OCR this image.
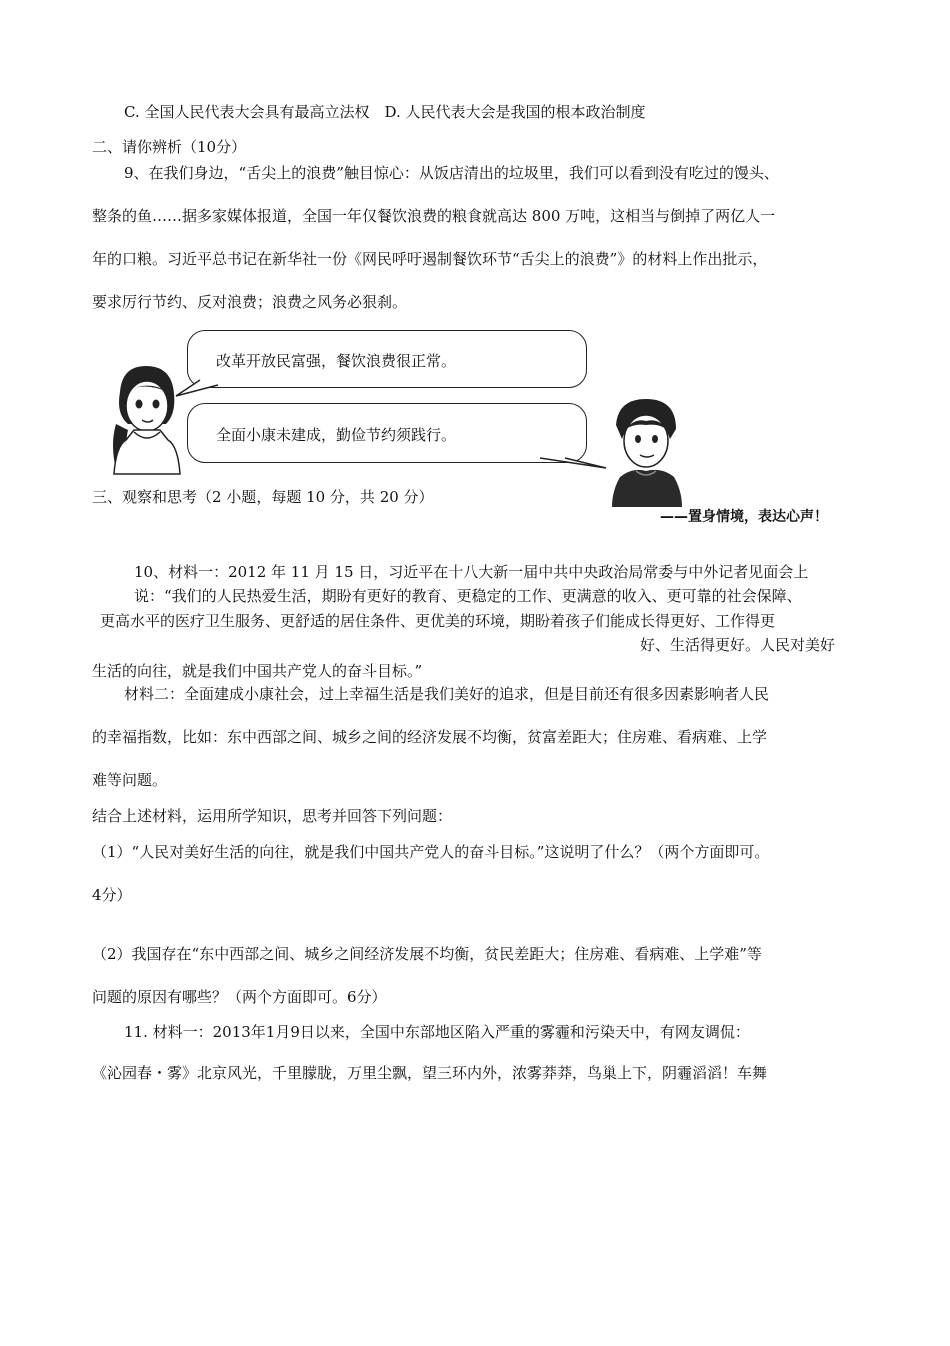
C. 全国人民代表大会具有最高立法权　D. 人民代表大会是我国的根本政治制度
二、请你辨析（10分）
9、在我们身边，“舌尖上的浪费”触目惊心：从饭店清出的垃圾里，我们可以看到没有吃过的馒头、
整条的鱼……据多家媒体报道，全国一年仅餐饮浪费的粮食就高达 800 万吨，这相当与倒掉了两亿人一
年的口粮。习近平总书记在新华社一份《网民呼吁遏制餐饮环节“舌尖上的浪费”》的材料上作出批示，
要求厉行节约、反对浪费；浪费之风务必狠刹。
改革开放民富强，餐饮浪费很正常。
全面小康未建成，勤俭节约须践行。
三、观察和思考（2 小题，每题 10 分，共 20 分）
——置身情境，表达心声！
10、材料一：2012 年 11 月 15 日，习近平在十八大新一届中共中央政治局常委与中外记者见面会上
说：“我们的人民热爱生活，期盼有更好的教育、更稳定的工作、更满意的收入、更可靠的社会保障、
更高水平的医疗卫生服务、更舒适的居住条件、更优美的环境，期盼着孩子们能成长得更好、工作得更
好、生活得更好。人民对美好
生活的向往，就是我们中国共产党人的奋斗目标。”
材料二：全面建成小康社会，过上幸福生活是我们美好的追求，但是目前还有很多因素影响者人民
的幸福指数，比如：东中西部之间、城乡之间的经济发展不均衡，贫富差距大；住房难、看病难、上学
难等问题。
结合上述材料，运用所学知识，思考并回答下列问题：
（1）“人民对美好生活的向往，就是我们中国共产党人的奋斗目标。”这说明了什么？（两个方面即可。
4分）
（2）我国存在“东中西部之间、城乡之间经济发展不均衡，贫民差距大；住房难、看病难、上学难”等
问题的原因有哪些？（两个方面即可。6分）
11. 材料一：2013年1月9日以来，全国中东部地区陷入严重的雾霾和污染天中，有网友调侃：
《沁园春・雾》北京风光，千里朦胧，万里尘飘，望三环内外，浓雾莽莽，鸟巢上下，阴霾滔滔！车舞
